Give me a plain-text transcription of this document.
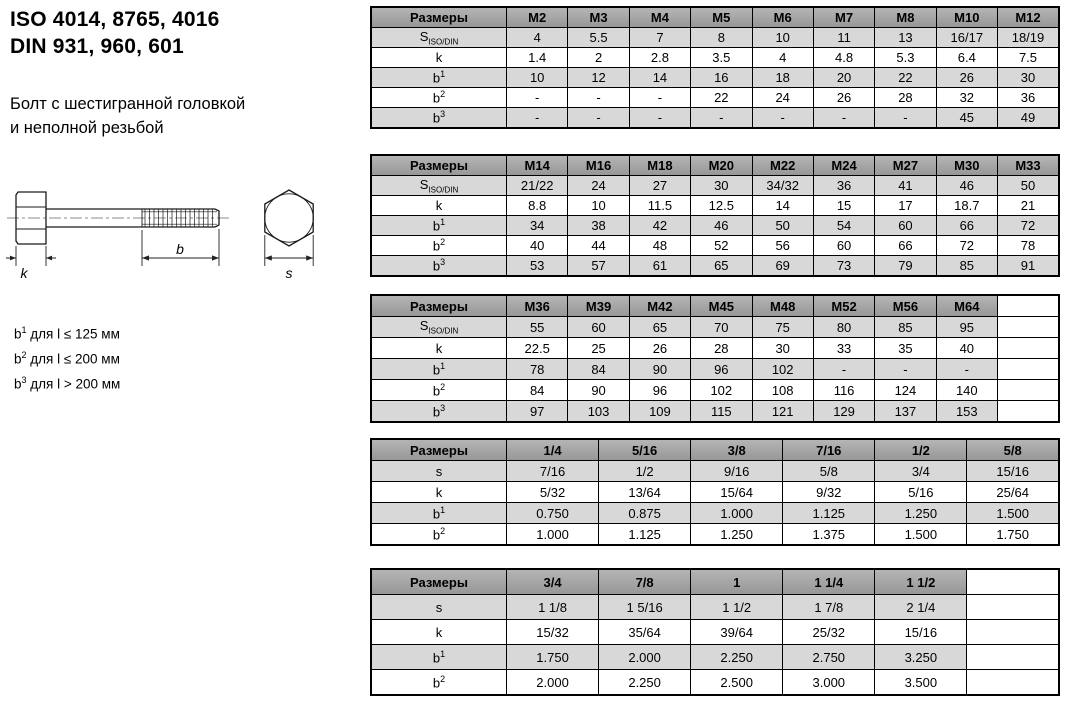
ISO 4014, 8765, 4016
DIN 931, 960, 601
Болт с шестигранной головкой
и неполной резьбой
k
b
s
$b^1$ для l ≤ 125 мм
$b^2$ для l ≤ 200 мм
$b^3$ для l > 200 мм
Размеры	M2	M3	M4	M5	M6	M7	M8	M10	M12
$S_{ISO/DIN}$	4	5.5	7	8	10	11	13	16/17	18/19
k	1.4	2	2.8	3.5	4	4.8	5.3	6.4	7.5
$b^1$	10	12	14	16	18	20	22	26	30
$b^2$	-	-	-	22	24	26	28	32	36
$b^3$	-	-	-	-	-	-	-	45	49
Размеры	M14	M16	M18	M20	M22	M24	M27	M30	M33
$S_{ISO/DIN}$	21/22	24	27	30	34/32	36	41	46	50
k	8.8	10	11.5	12.5	14	15	17	18.7	21
$b^1$	34	38	42	46	50	54	60	66	72
$b^2$	40	44	48	52	56	60	66	72	78
$b^3$	53	57	61	65	69	73	79	85	91
Размеры	M36	M39	M42	M45	M48	M52	M56	M64	
$S_{ISO/DIN}$	55	60	65	70	75	80	85	95	
k	22.5	25	26	28	30	33	35	40	
$b^1$	78	84	90	96	102	-	-	-	
$b^2$	84	90	96	102	108	116	124	140	
$b^3$	97	103	109	115	121	129	137	153	
Размеры	1/4	5/16	3/8	7/16	1/2	5/8
s	7/16	1/2	9/16	5/8	3/4	15/16
k	5/32	13/64	15/64	9/32	5/16	25/64
$b^1$	0.750	0.875	1.000	1.125	1.250	1.500
$b^2$	1.000	1.125	1.250	1.375	1.500	1.750
Размеры	3/4	7/8	1	1 1/4	1 1/2	
s	1 1/8	1 5/16	1 1/2	1 7/8	2 1/4	
k	15/32	35/64	39/64	25/32	15/16	
$b^1$	1.750	2.000	2.250	2.750	3.250	
$b^2$	2.000	2.250	2.500	3.000	3.500	
